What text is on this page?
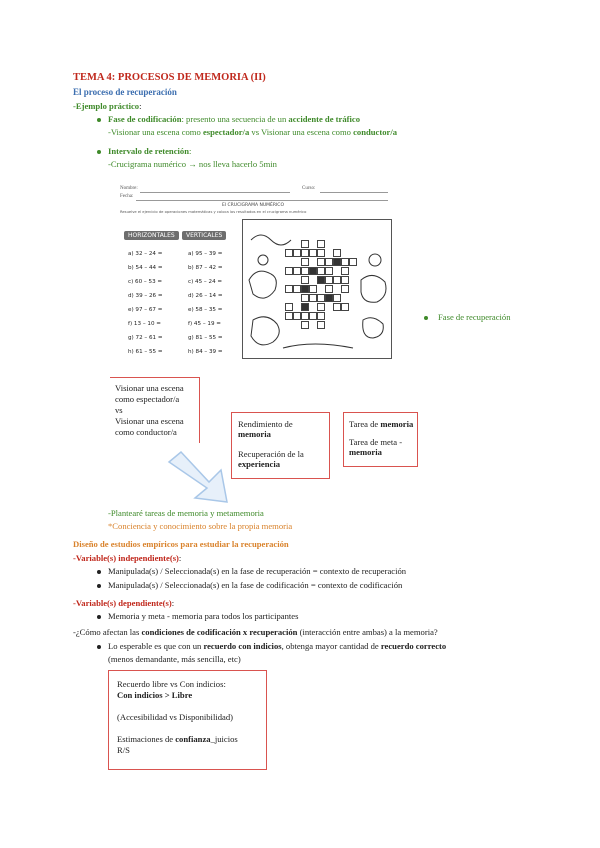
TEMA 4: PROCESOS DE MEMORIA (II)
El proceso de recuperación
-Ejemplo práctico:
Fase de codificación: presento una secuencia de un accidente de tráfico
-Visionar una escena como espectador/a vs Visionar una escena como conductor/a
Intervalo de retención:
-Crucigrama numérico → nos lleva hacerlo 5min
Nombre:	Curso:
Fecha:
El CRUCIGRAMA NUMÉRICO
Resuelve el ejercicio de operaciones matemáticas y coloca los resultados en el crucigrama numérico
HORIZONTALES	VERTICALES
a) 32 – 24 =
b) 54 – 44 =
c) 60 – 53 =
d) 39 – 26 =
e) 97 – 67 =
f) 13 – 10 =
g) 72 – 61 =
h) 61 – 55 =
a) 95 – 39 =
b) 87 – 42 =
c) 45 – 24 =
d) 26 – 14 =
e) 58 – 35 =
f) 45 – 19 =
g) 81 – 55 =
h) 84 – 39 =
Fase de recuperación
Visionar una escena
como espectador/a
vs
Visionar una escena
como conductor/a
Rendimiento de
memoria
Recuperación de la
experiencia
Tarea de memoria
Tarea de meta -
memoria
-Plantearé tareas de memoria y metamemoria
*Conciencia y conocimiento sobre la propia memoria
Diseño de estudios empíricos para estudiar la recuperación
-Variable(s) independiente(s):
Manipulada(s) / Seleccionada(s) en la fase de recuperación = contexto de recuperación
Manipulada(s) / Seleccionada(s) en la fase de codificación = contexto de codificación
-Variable(s) dependiente(s):
Memoria y meta - memoria para todos los participantes
-¿Cómo afectan las condiciones de codificación x recuperación (interacción entre ambas) a la memoria?
Lo esperable es que con un recuerdo con indicios, obtenga mayor cantidad de recuerdo correcto
(menos demandante, más sencilla, etc)
Recuerdo libre vs Con indicios:
Con indicios > Libre
(Accesibilidad vs Disponibilidad)
Estimaciones de confianza_juicios
R/S
